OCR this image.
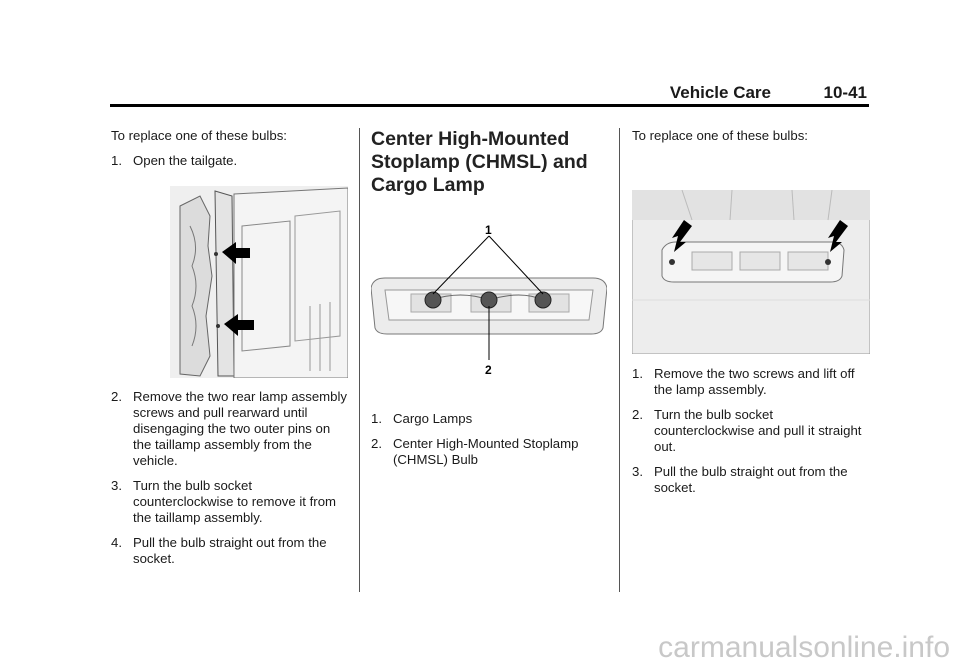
Vehicle Care	10-41

To replace one of these bulbs:

1. Open the tailgate.
2. Remove the two rear lamp assembly screws and pull rearward until disengaging the two outer pins on the taillamp assembly from the vehicle.
3. Turn the bulb socket counterclockwise to remove it from the taillamp assembly.
4. Pull the bulb straight out from the socket.
Center High-Mounted Stoplamp (CHMSL) and Cargo Lamp
1
2
1. Cargo Lamps
2. Center High-Mounted Stoplamp (CHMSL) Bulb

To replace one of these bulbs:

1. Remove the two screws and lift off the lamp assembly.
2. Turn the bulb socket counterclockwise and pull it straight out.
3. Pull the bulb straight out from the socket.
carmanualsonline.info
